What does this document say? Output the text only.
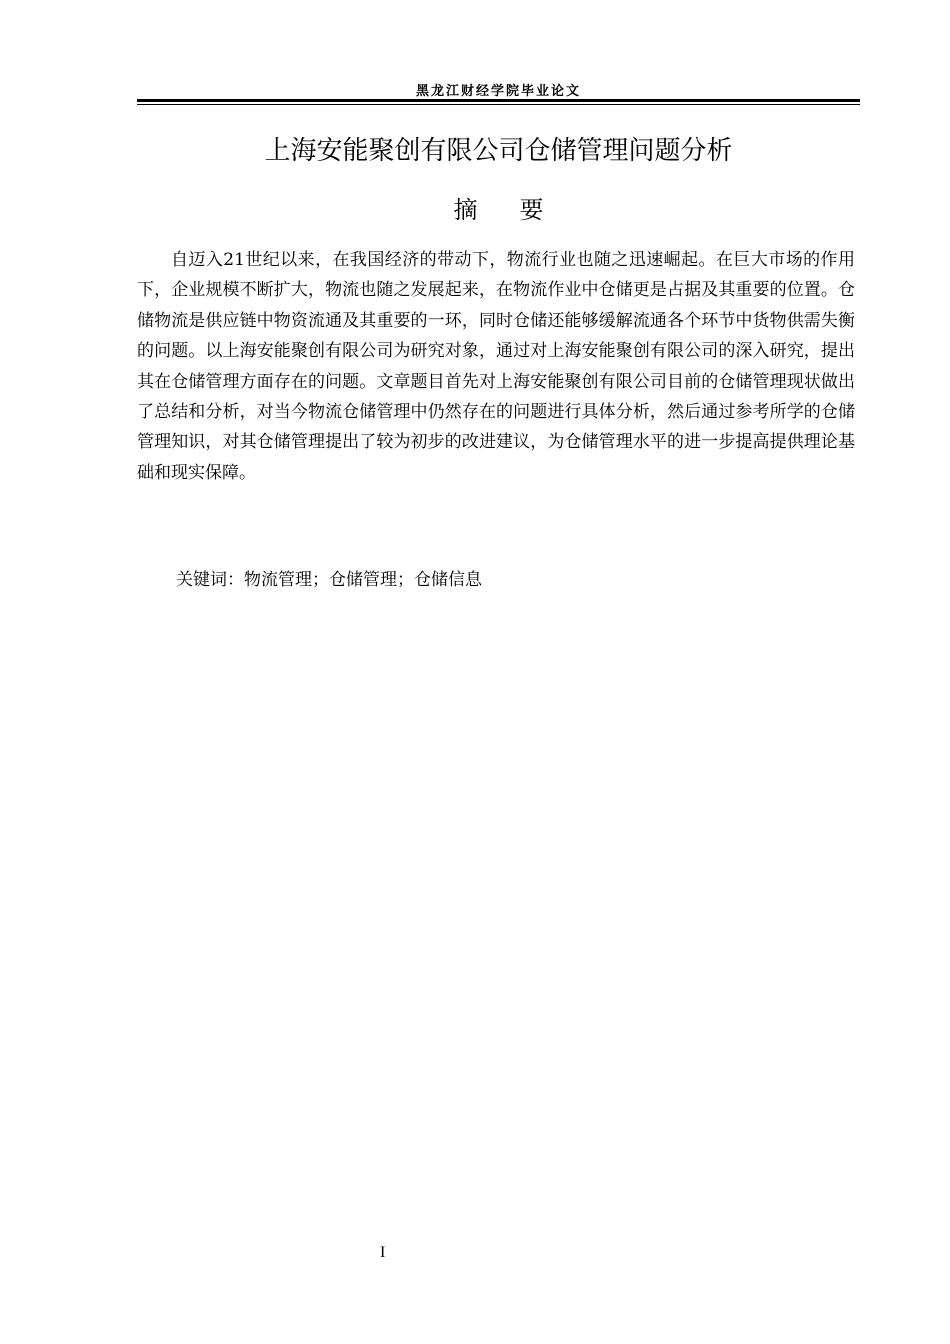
黑龙江财经学院毕业论文
上海安能聚创有限公司仓储管理问题分析
摘要

自迈入21世纪以来，在我国经济的带动下，物流行业也随之迅速崛起。在巨大市场的作用下，企业规模不断扩大，物流也随之发展起来，在物流作业中仓储更是占据及其重要的位置。仓储物流是供应链中物资流通及其重要的一环，同时仓储还能够缓解流通各个环节中货物供需失衡的问题。以上海安能聚创有限公司为研究对象，通过对上海安能聚创有限公司的深入研究，提出其在仓储管理方面存在的问题。文章题目首先对上海安能聚创有限公司目前的仓储管理现状做出了总结和分析，对当今物流仓储管理中仍然存在的问题进行具体分析，然后通过参考所学的仓储管理知识，对其仓储管理提出了较为初步的改进建议，为仓储管理水平的进一步提高提供理论基础和现实保障。

关键词：物流管理；仓储管理；仓储信息
I
